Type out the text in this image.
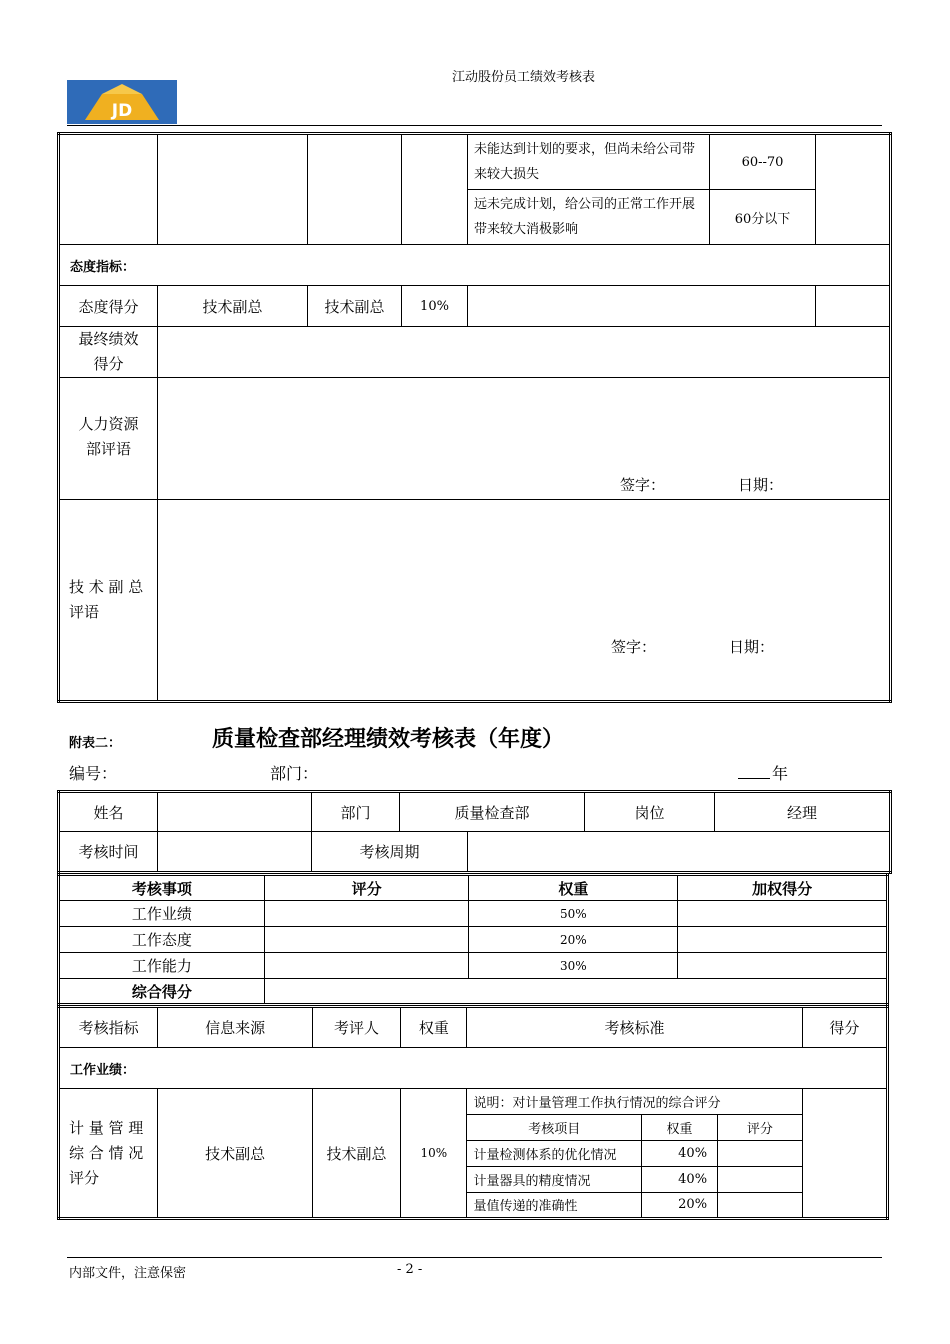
江动股份员工绩效考核表
JD
				未能达到计划的要求，但尚未给公司带来较大损失	60--70	
				远未完成计划，给公司的正常工作开展带来较大消极影响	60分以下	
态度指标：						
态度得分	技术副总	技术副总	10%			
最终绩效得分						
人力资源部评语	签字： 日期：					

技 术 副 总 评语	签字： 日期：					
附表二：	质量检查部经理绩效考核表（年度）
编号：	部门：	年
姓名		部门	质量检查部		岗位	经理
考核时间		考核周期				
考核事项	评分	权重	加权得分
工作业绩		50%	
工作态度		20%	
工作能力		30%	
综合得分			
考核指标	信息来源	考评人	权重	考核标准	得分
工作业绩：
计 量 管 理 综 合 情 况 评分	技术副总	技术副总	10%	
说明：对计量管理工作执行情况的综合评分
考核项目	权重	评分
计量检测体系的优化情况	40%	
计量器具的精度情况	40%	
量值传递的准确性	20%	

内部文件，注意保密	- 2 -
